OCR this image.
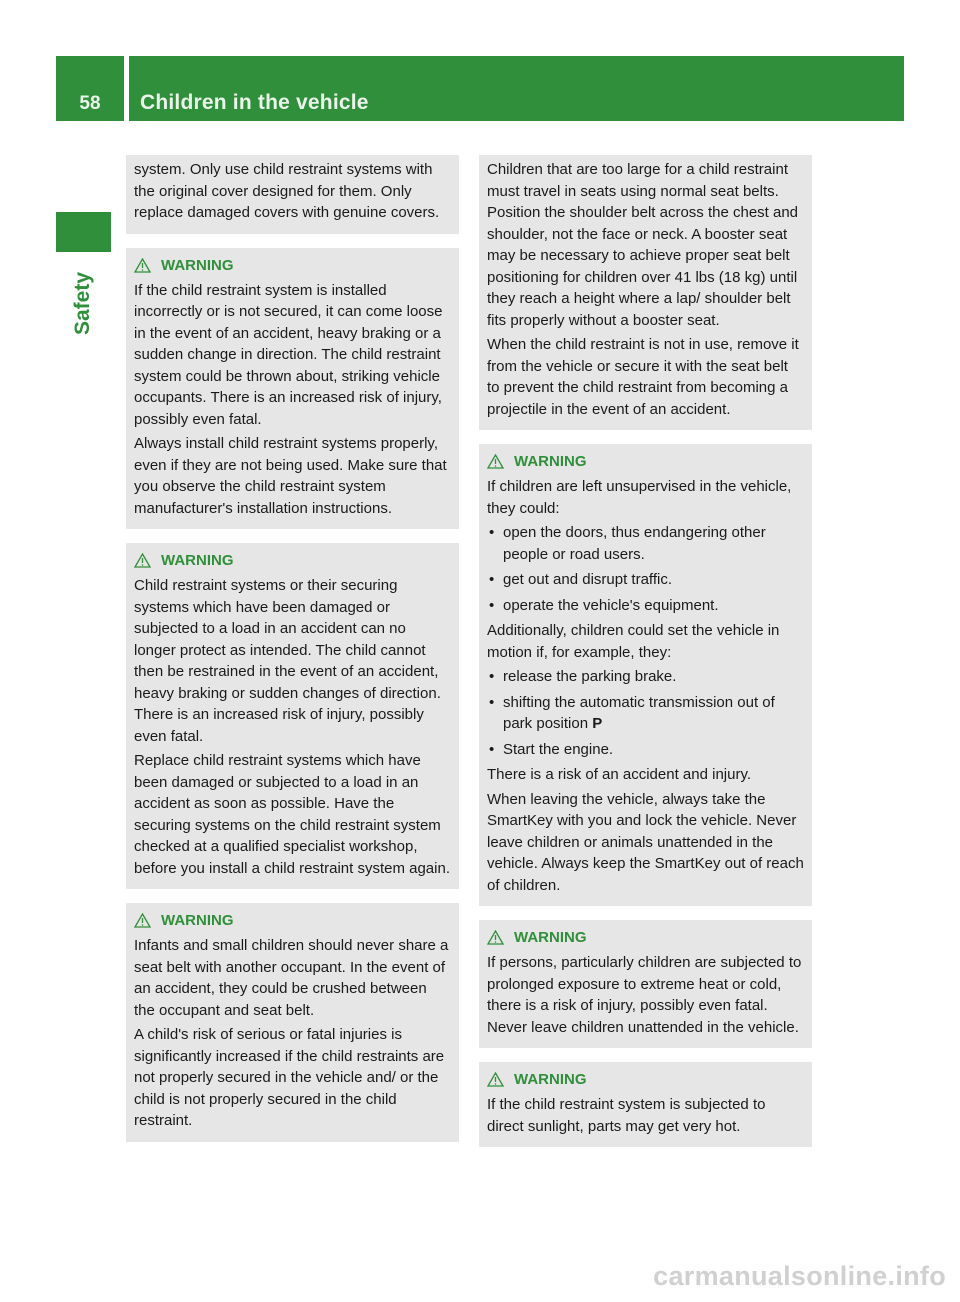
58	Children in the vehicle
Safety

system. Only use child restraint systems with the original cover designed for them. Only replace damaged covers with genuine covers.

WARNING

If the child restraint system is installed incorrectly or is not secured, it can come loose in the event of an accident, heavy braking or a sudden change in direction. The child restraint system could be thrown about, striking vehicle occupants. There is an increased risk of injury, possibly even fatal.

Always install child restraint systems properly, even if they are not being used. Make sure that you observe the child restraint system manufacturer's installation instructions.

WARNING

Child restraint systems or their securing systems which have been damaged or subjected to a load in an accident can no longer protect as intended. The child cannot then be restrained in the event of an accident, heavy braking or sudden changes of direction. There is an increased risk of injury, possibly even fatal.

Replace child restraint systems which have been damaged or subjected to a load in an accident as soon as possible. Have the securing systems on the child restraint system checked at a qualified specialist workshop, before you install a child restraint system again.

WARNING

Infants and small children should never share a seat belt with another occupant. In the event of an accident, they could be crushed between the occupant and seat belt.

A child's risk of serious or fatal injuries is significantly increased if the child restraints are not properly secured in the vehicle and/ or the child is not properly secured in the child restraint.

Children that are too large for a child restraint must travel in seats using normal seat belts. Position the shoulder belt across the chest and shoulder, not the face or neck. A booster seat may be necessary to achieve proper seat belt positioning for children over 41 lbs (18 kg) until they reach a height where a lap/ shoulder belt fits properly without a booster seat.

When the child restraint is not in use, remove it from the vehicle or secure it with the seat belt to prevent the child restraint from becoming a projectile in the event of an accident.

WARNING

If children are left unsupervised in the vehicle, they could:

• open the doors, thus endangering other people or road users.
• get out and disrupt traffic.
• operate the vehicle's equipment.

Additionally, children could set the vehicle in motion if, for example, they:

• release the parking brake.
• shifting the automatic transmission out of park position P
• Start the engine.

There is a risk of an accident and injury.

When leaving the vehicle, always take the SmartKey with you and lock the vehicle. Never leave children or animals unattended in the vehicle. Always keep the SmartKey out of reach of children.

WARNING

If persons, particularly children are subjected to prolonged exposure to extreme heat or cold, there is a risk of injury, possibly even fatal. Never leave children unattended in the vehicle.

WARNING

If the child restraint system is subjected to direct sunlight, parts may get very hot.

carmanualsonline.info
